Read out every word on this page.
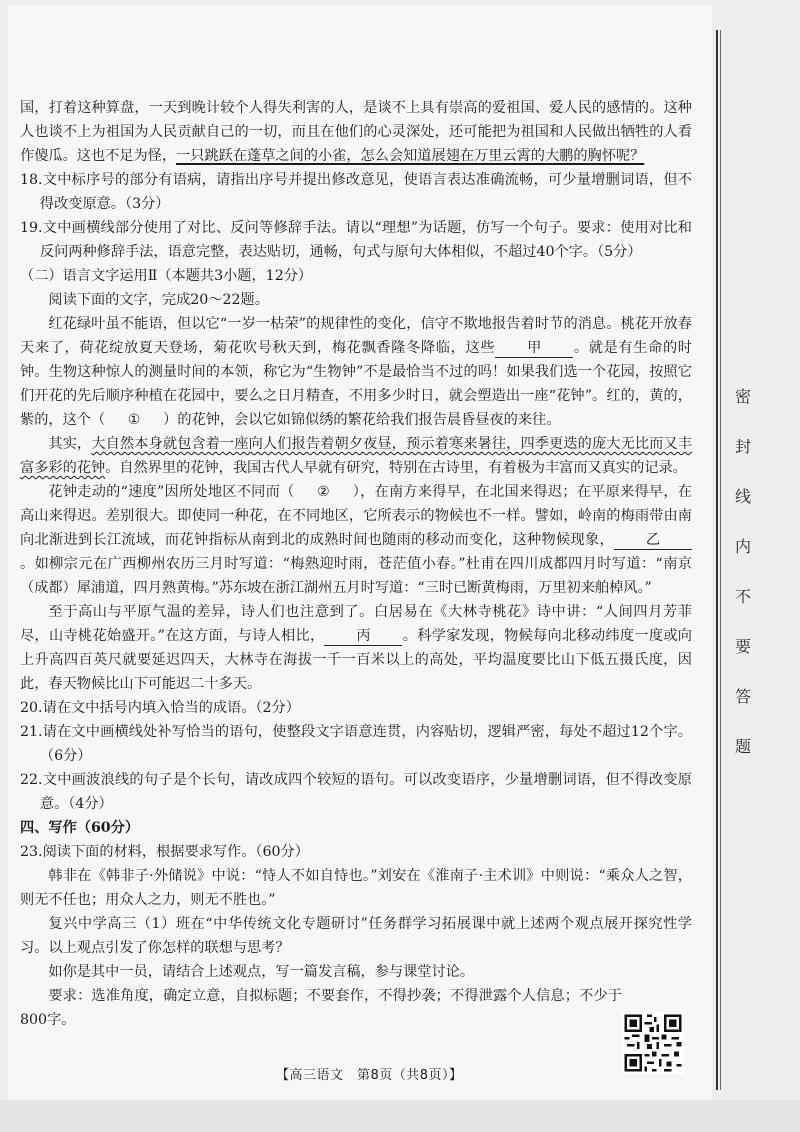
国，打着这种算盘，一天到晚计较个人得失利害的人，是谈不上具有崇高的爱祖国、爱人民的感情的。这种人也谈不上为祖国为人民贡献自己的一切，而且在他们的心灵深处，还可能把为祖国和人民做出牺牲的人看作傻瓜。这也不足为怪，一只跳跃在蓬草之间的小雀，怎么会知道展翅在万里云霄的大鹏的胸怀呢？

18.文中标序号的部分有语病，请指出序号并提出修改意见，使语言表达准确流畅，可少量增删词语，但不得改变原意。（3分）

19.文中画横线部分使用了对比、反问等修辞手法。请以“理想”为话题，仿写一个句子。要求：使用对比和反问两种修辞手法，语意完整，表达贴切，通畅，句式与原句大体相似，不超过40个字。（5分）

（二）语言文字运用Ⅱ（本题共3小题，12分）

阅读下面的文字，完成20～22题。

红花绿叶虽不能语，但以它“一岁一枯荣”的规律性的变化，信守不欺地报告着时节的消息。桃花开放春天来了，荷花绽放夏天登场，菊花吹号秋天到，梅花飘香隆冬降临，这些 甲 。就是有生命的时钟。生物这种惊人的测量时间的本领，称它为“生物钟”不是最恰当不过的吗！如果我们选一个花园，按照它们开花的先后顺序种植在花园中，要么之日月精查，不用多少时日，就会塑造出一座“花钟”。红的，黄的，紫的，这个（ ① ）的花钟，会以它如锦似绣的繁花给我们报告晨昏昼夜的来往。

其实，大自然本身就包含着一座向人们报告着朝夕夜昼，预示着寒来暑往，四季更迭的庞大无比而又丰富多彩的花钟。自然界里的花钟，我国古代人早就有研究，特别在古诗里，有着极为丰富而又真实的记录。

花钟走动的“速度”因所处地区不同而（ ② ），在南方来得早，在北国来得迟；在平原来得早，在高山来得迟。差别很大。即使同一种花，在不同地区，它所表示的物候也不一样。譬如，岭南的梅雨带由南向北渐进到长江流域，而花钟指标从南到北的成熟时间也随雨的移动而变化，这种物候现象， 乙。如柳宗元在广西柳州农历三月时写道：“梅熟迎时雨，苍茫值小春。”杜甫在四川成都四月时写道：“南京（成都）犀浦道，四月熟黄梅。”苏东坡在浙江湖州五月时写道：“三时已断黄梅雨，万里初来舶棹风。”

至于高山与平原气温的差异，诗人们也注意到了。白居易在《大林寺桃花》诗中讲：“人间四月芳菲尽，山寺桃花始盛开。”在这方面，与诗人相比， 丙 。科学家发现，物候每向北移动纬度一度或向上升高四百英尺就要延迟四天，大林寺在海拔一千一百米以上的高处，平均温度要比山下低五摄氏度，因此，春天物候比山下可能迟二十多天。

20.请在文中括号内填入恰当的成语。（2分）

21.请在文中画横线处补写恰当的语句，使整段文字语意连贯，内容贴切，逻辑严密，每处不超过12个字。（6分）

22.文中画波浪线的句子是个长句，请改成四个较短的语句。可以改变语序，少量增删词语，但不得改变原意。（4分）

四、写作（60分）

23.阅读下面的材料，根据要求写作。（60分）

韩非在《韩非子·外储说》中说：“恃人不如自恃也。”刘安在《淮南子·主术训》中则说：“乘众人之智，则无不任也；用众人之力，则无不胜也。”

复兴中学高三（1）班在“中华传统文化专题研讨”任务群学习拓展课中就上述两个观点展开探究性学习。以上观点引发了你怎样的联想与思考？

如你是其中一员，请结合上述观点，写一篇发言稿，参与课堂讨论。

要求：选准角度，确定立意，自拟标题；不要套作，不得抄袭；不得泄露个人信息；不少于800字。

【高三语文　第8页（共8页）】
密
封
线
内
不
要
答
题
